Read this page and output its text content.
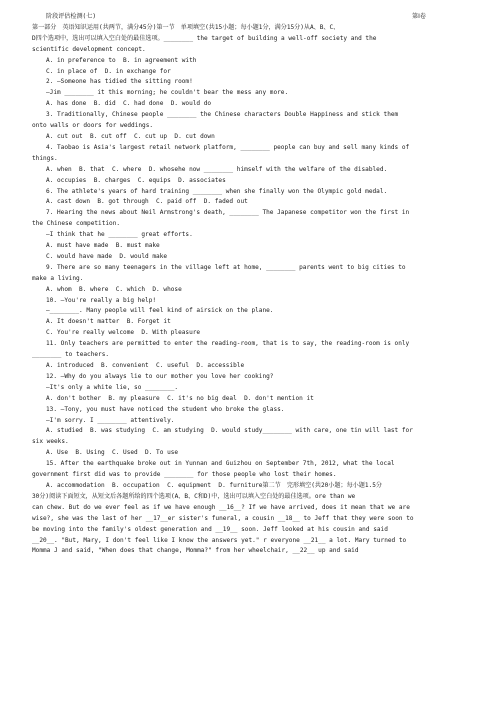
阶段评估检测(七)	第Ⅰ卷
第一部分　英语知识运用(共两节，满分45分)第一节　单项填空(共15小题；每小题1分，满分15分)从A、B、C、
D四个选项中，选出可以填入空白处的最佳选项。________ the target of building a well-off society and the
scientific development concept.
A. in preference to  B. in agreement with
C. in place of  D. in exchange for
2. —Someone has tidied the sitting room!
—Jim ________ it this morning; he couldn't bear the mess any more.
A. has done  B. did  C. had done  D. would do
3. Traditionally, Chinese people ________ the Chinese characters Double Happiness and stick them
onto walls or doors for weddings.
A. cut out  B. cut off  C. cut up  D. cut down
4. Taobao is Asia's largest retail network platform, ________ people can buy and sell many kinds of
things.
A. when  B. that  C. where  D. whosehe now ________ himself with the welfare of the disabled.
A. occupies  B. charges  C. equips  D. associates
6. The athlete's years of hard training ________ when she finally won the Olympic gold medal.
A. cast down  B. got through  C. paid off  D. faded out
7. Hearing the news about Neil Armstrong's death, ________ The Japanese competitor won the first in
the Chinese competition.
—I think that he ________ great efforts.
A. must have made  B. must make
C. would have made  D. would make
9. There are so many teenagers in the village left at home, ________ parents went to big cities to
make a living.
A. whom  B. where  C. which  D. whose
10. —You're really a big help!
—________. Many people will feel kind of airsick on the plane.
A. It doesn't matter  B. Forget it
C. You're really welcome  D. With pleasure
11. Only teachers are permitted to enter the reading-room, that is to say, the reading-room is only
________ to teachers.
A. introduced  B. convenient  C. useful  D. accessible
12. —Why do you always lie to our mother you love her cooking?
—It's only a white lie, so ________.
A. don't bother  B. my pleasure  C. it's no big deal  D. don't mention it
13. —Tony, you must have noticed the student who broke the glass.
—I'm sorry. I ________ attentively.
A. studied  B. was studying  C. am studying  D. would study________ with care, one tin will last for
six weeks.
A. Use  B. Using  C. Used  D. To use
15. After the earthquake broke out in Yunnan and Guizhou on September 7th, 2012, what the local
government first did was to provide ________ for those people who lost their homes.
A. accommodation  B. occupation  C. equipment  D. furniture第二节　完形填空(共20小题；每小题1.5分
30分)阅读下面短文，从短文后各题所给的四个选项(A、B、C和D)中，选出可以填入空白处的最佳选项。ore than we
can chew. But do we ever feel as if we have enough __16__? If we have arrived, does it mean that we are
wise?, she was the last of her __17__er sister's funeral, a cousin __18__ to Jeff that they were soon to
be moving into the family's oldest generation and __19__ soon. Jeff looked at his cousin and said
__20__. "But, Mary, I don't feel like I know the answers yet." r everyone __21__ a lot. Mary turned to
Momma J and said, "When does that change, Momma?" from her wheelchair, __22__ up and said
